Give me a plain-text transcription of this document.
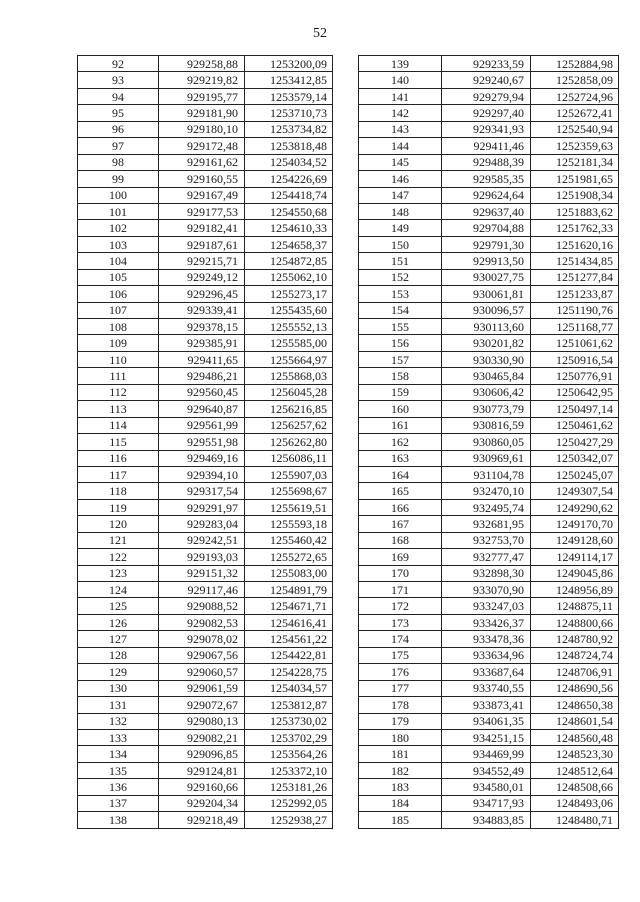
52
92	929258,88	1253200,09
93	929219,82	1253412,85
94	929195,77	1253579,14
95	929181,90	1253710,73
96	929180,10	1253734,82
97	929172,48	1253818,48
98	929161,62	1254034,52
99	929160,55	1254226,69
100	929167,49	1254418,74
101	929177,53	1254550,68
102	929182,41	1254610,33
103	929187,61	1254658,37
104	929215,71	1254872,85
105	929249,12	1255062,10
106	929296,45	1255273,17
107	929339,41	1255435,60
108	929378,15	1255552,13
109	929385,91	1255585,00
110	929411,65	1255664,97
111	929486,21	1255868,03
112	929560,45	1256045,28
113	929640,87	1256216,85
114	929561,99	1256257,62
115	929551,98	1256262,80
116	929469,16	1256086,11
117	929394,10	1255907,03
118	929317,54	1255698,67
119	929291,97	1255619,51
120	929283,04	1255593,18
121	929242,51	1255460,42
122	929193,03	1255272,65
123	929151,32	1255083,00
124	929117,46	1254891,79
125	929088,52	1254671,71
126	929082,53	1254616,41
127	929078,02	1254561,22
128	929067,56	1254422,81
129	929060,57	1254228,75
130	929061,59	1254034,57
131	929072,67	1253812,87
132	929080,13	1253730,02
133	929082,21	1253702,29
134	929096,85	1253564,26
135	929124,81	1253372,10
136	929160,66	1253181,26
137	929204,34	1252992,05
138	929218,49	1252938,27
139	929233,59	1252884,98
140	929240,67	1252858,09
141	929279,94	1252724,96
142	929297,40	1252672,41
143	929341,93	1252540,94
144	929411,46	1252359,63
145	929488,39	1252181,34
146	929585,35	1251981,65
147	929624,64	1251908,34
148	929637,40	1251883,62
149	929704,88	1251762,33
150	929791,30	1251620,16
151	929913,50	1251434,85
152	930027,75	1251277,84
153	930061,81	1251233,87
154	930096,57	1251190,76
155	930113,60	1251168,77
156	930201,82	1251061,62
157	930330,90	1250916,54
158	930465,84	1250776,91
159	930606,42	1250642,95
160	930773,79	1250497,14
161	930816,59	1250461,62
162	930860,05	1250427,29
163	930969,61	1250342,07
164	931104,78	1250245,07
165	932470,10	1249307,54
166	932495,74	1249290,62
167	932681,95	1249170,70
168	932753,70	1249128,60
169	932777,47	1249114,17
170	932898,30	1249045,86
171	933070,90	1248956,89
172	933247,03	1248875,11
173	933426,37	1248800,66
174	933478,36	1248780,92
175	933634,96	1248724,74
176	933687,64	1248706,91
177	933740,55	1248690,56
178	933873,41	1248650,38
179	934061,35	1248601,54
180	934251,15	1248560,48
181	934469,99	1248523,30
182	934552,49	1248512,64
183	934580,01	1248508,66
184	934717,93	1248493,06
185	934883,85	1248480,71
